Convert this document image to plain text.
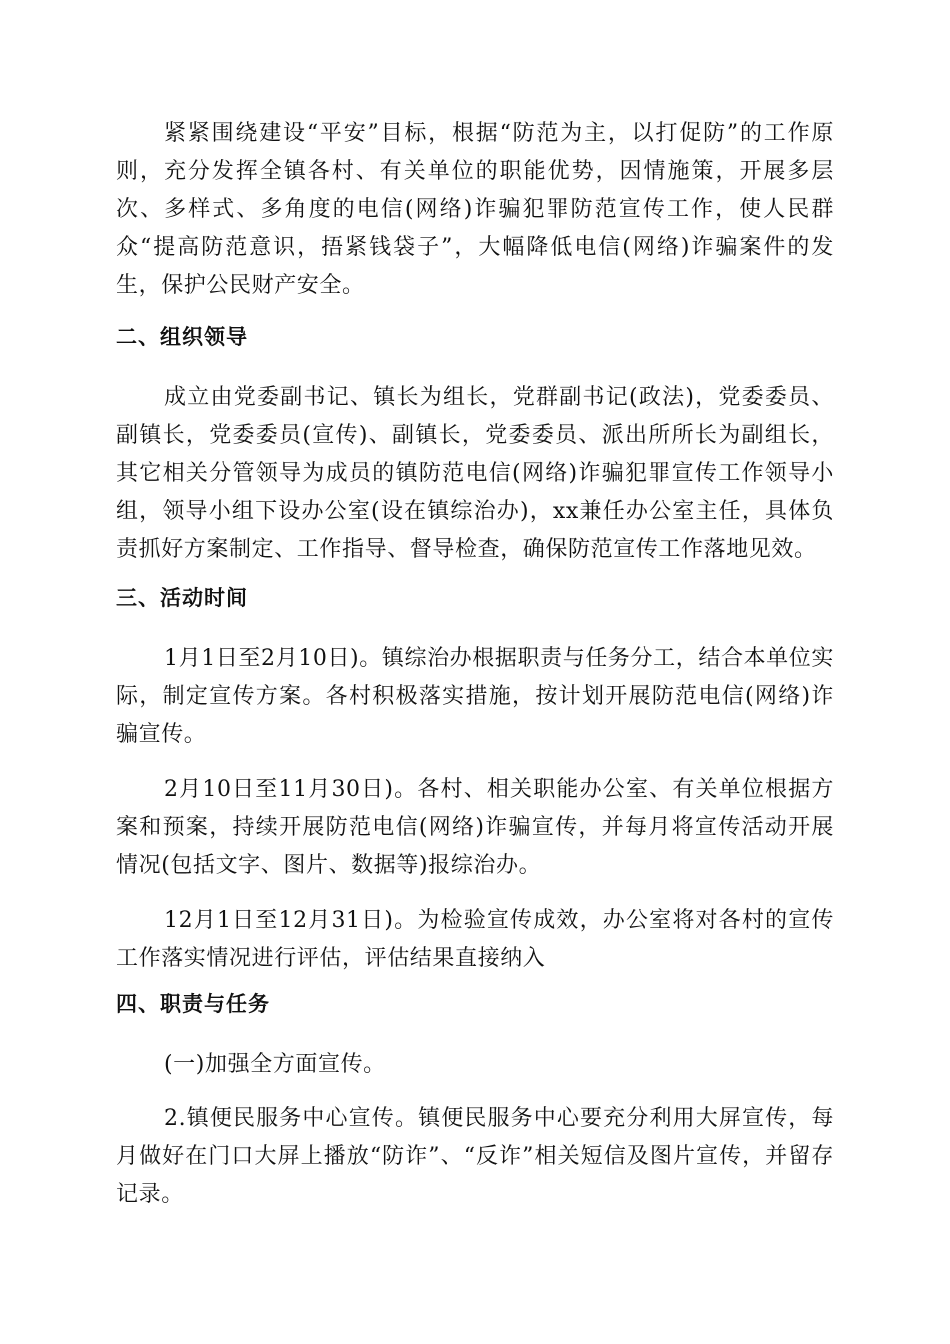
紧紧围绕建设“平安”目标，根据“防范为主，以打促防”的工作原则，充分发挥全镇各村、有关单位的职能优势，因情施策，开展多层次、多样式、多角度的电信(网络)诈骗犯罪防范宣传工作，使人民群众“提高防范意识，捂紧钱袋子”，大幅降低电信(网络)诈骗案件的发生，保护公民财产安全。

二、组织领导

成立由党委副书记、镇长为组长，党群副书记(政法)，党委委员、副镇长，党委委员(宣传)、副镇长，党委委员、派出所所长为副组长，其它相关分管领导为成员的镇防范电信(网络)诈骗犯罪宣传工作领导小组，领导小组下设办公室(设在镇综治办)，xx兼任办公室主任，具体负责抓好方案制定、工作指导、督导检查，确保防范宣传工作落地见效。

三、活动时间

1月1日至2月10日)。镇综治办根据职责与任务分工，结合本单位实际，制定宣传方案。各村积极落实措施，按计划开展防范电信(网络)诈骗宣传。

2月10日至11月30日)。各村、相关职能办公室、有关单位根据方案和预案，持续开展防范电信(网络)诈骗宣传，并每月将宣传活动开展情况(包括文字、图片、数据等)报综治办。

12月1日至12月31日)。为检验宣传成效，办公室将对各村的宣传工作落实情况进行评估，评估结果直接纳入

四、职责与任务

(一)加强全方面宣传。

2.镇便民服务中心宣传。镇便民服务中心要充分利用大屏宣传，每月做好在门口大屏上播放“防诈”、“反诈”相关短信及图片宣传，并留存记录。
